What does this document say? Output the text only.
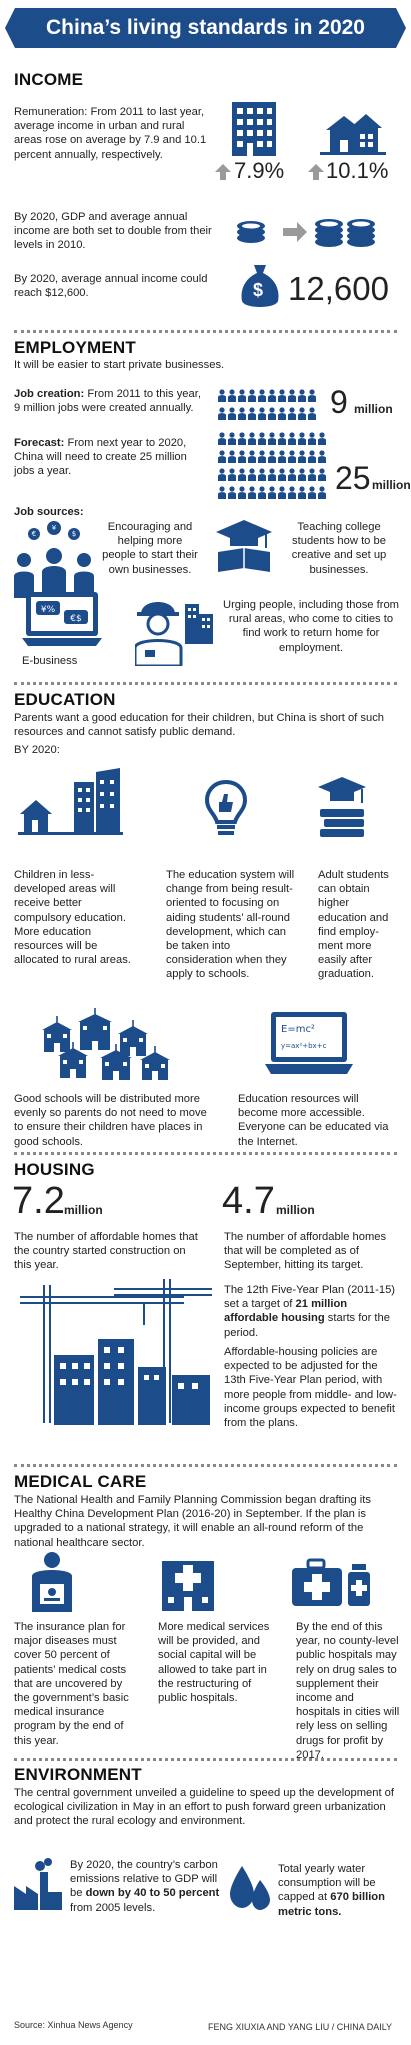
China’s living standards in 2020
INCOME
Remuneration: From 2011 to last year, average income in urban and rural areas rose on average by 7.9 and 10.1 percent annually, respectively.
7.9% 10.1%
By 2020, GDP and average annual income are both set to double from their levels in 2010.
By 2020, average annual income could reach $12,600.	$ 12,600
EMPLOYMENT
It will be easier to start private businesses.
Job creation: From 2011 to this year, 9 million jobs were created annually.
Forecast: From next year to 2020, China will need to create 25 million jobs a year.
9 million
25 million
Job sources:
¥
€	$
Encouraging and helping more people to start their own businesses.
Teaching college students how to be creative and set up businesses.
¥%
€$
E-business
Urging people, including those from rural areas, who come to cities to find work to return home for employment.
EDUCATION
Parents want a good education for their children, but China is short of such resources and cannot satisfy public demand.
BY 2020:
Children in less-developed areas will receive better compulsory education. More education resources will be allocated to rural areas.
The education system will change from being result-oriented to focusing on aiding students’ all-round development, which can be taken into consideration when they apply to schools.
Adult students can obtain higher education and find employ-ment more easily after graduation.
E=mc²
y=ax²+bx+c
Good schools will be distributed more evenly so parents do not need to move to ensure their children have places in good schools.
Education resources will become more accessible. Everyone can be educated via the Internet.
HOUSING
7.2 million
The number of affordable homes that the country started construction on this year.
4.7 million
The number of affordable homes that will be completed as of September, hitting its target.
The 12th Five-Year Plan (2011-15) set a target of 21 million affordable housing starts for the period.
Affordable-housing policies are expected to be adjusted for the 13th Five-Year Plan period, with more people from middle- and low-income groups expected to benefit from the plans.
MEDICAL CARE
The National Health and Family Planning Commission began drafting its Healthy China Development Plan (2016-20) in September. If the plan is upgraded to a national strategy, it will enable an all-round reform of the national healthcare sector.
The insurance plan for major diseases must cover 50 percent of patients’ medical costs that are uncovered by the government’s basic medical insurance program by the end of this year.
More medical services will be provided, and social capital will be allowed to take part in the restructuring of public hospitals.
By the end of this year, no county-level public hospitals may rely on drug sales to supplement their income and hospitals in cities will rely less on selling drugs for profit by 2017.
ENVIRONMENT
The central government unveiled a guideline to speed up the development of ecological civilization in May in an effort to push forward green urbanization and protect the rural ecology and environment.
By 2020, the country’s carbon emissions relative to GDP will be down by 40 to 50 percent from 2005 levels.
Total yearly water consumption will be capped at 670 billion metric tons.
Source: Xinhua News Agency	FENG XIUXIA AND YANG LIU / CHINA DAILY
